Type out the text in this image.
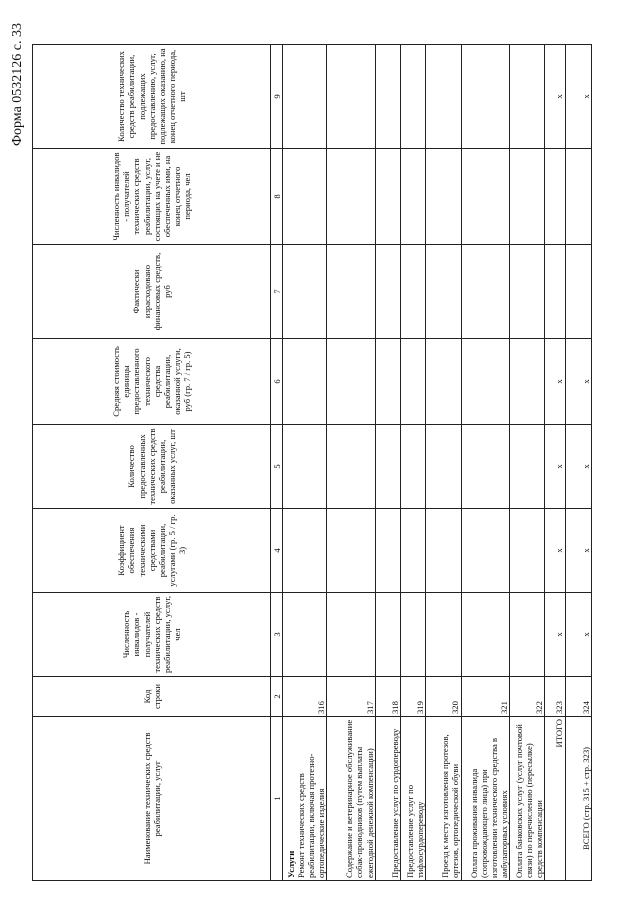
Форма 0532126 с. 33
Наименование технических средств реабилитации, услуг	Код строки	Численность инвалидов - получателей технических средств реабилитации, услуг, чел	Коэффициент обеспечения техническими средствами реабилитации, услугами (гр. 5 / гр. 3)	Количество предоставленных технических средств реабилитации, оказанных услуг, шт	Средняя стоимость единицы предоставленного технического средства реабилитации, оказанной услуги, руб (гр. 7 / гр. 5)	Фактически израсходовано финансовых средств, руб	Численность инвалидов - получателей технических средств реабилитации, услуг, состоящих на учете и не обеспеченных ими, на конец отчетного периода, чел	Количество технических средств реабилитации, подлежащих предоставлению, услуг, подлежащих оказанию, на конец отчетного периода, шт
1	2	3	4	5	6	7	8	9

Услуги Ремонт технических средств реабилитации, включая протезно-ортопедические изделия	316							

Содержание и ветеринарное обслуживание собак-проводников (путем выплаты ежегодной денежной компенсации)	317							

Предоставление услуг по сурдопереводу	318							

Предоставление услуг по тифлосурдопереводу	319							

Проезд к месту изготовления протезов, ортезов, ортопедической обуви	320							

Оплата проживания инвалида (сопровождающего лица) при изготовлении технического средства в амбулаторных условиях	321							

Оплата банковских услуг (услуг почтовой связи) по перечислению (пересылке) средств компенсации	322							
ИТОГО	323	x	x	x	x			x
ВСЕГО (стр. 315 + стр. 323)	324	x	x	x	x			x
